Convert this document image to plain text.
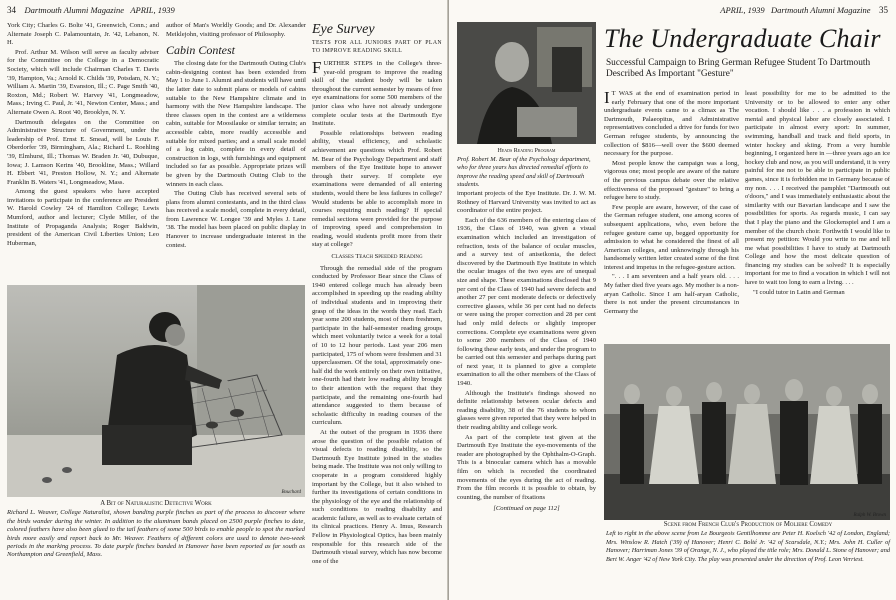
34 Dartmouth Alumni Magazine APRIL, 1939

York City; Charles G. Bolte '41, Greenwich, Conn.; and Alternate Joseph C. Palamountain, Jr. '42, Lebanon, N. H.

Prof. Arthur M. Wilson will serve as faculty adviser for the Committee on the College in a Democratic Society, which will include Chairman Charles T. Davis '39, Hampton, Va.; Arnold K. Childs '39, Potsdam, N. Y.; William A. Martin '39, Evanston, Ill.; C. Page Smith '40, Roxton, Md.; Robert W. Harvey '41, Longmeadow, Mass.; Irving C. Paul, Jr. '41, Newton Center, Mass.; and Alternate Owen A. Root '40, Brooklyn, N. Y.

Dartmouth delegates on the Committee on Administrative Structure of Government, under the leadership of Prof. Ernst E. Smead, will be Louis F. Oberdorfer '39, Birmingham, Ala.; Richard L. Roehling '39, Elmhurst, Ill.; Thomas W. Braden Jr. '40, Dubuque, Iowa; J. Lamson Kerins '40, Brookline, Mass.; Willard H. Ebbert '41, Preston Hollow, N. Y.; and Alternate Franklin B. Waters '41, Longmeadow, Mass.

Among the guest speakers who have accepted invitations to participate in the conference are President W. Harold Cowley '24 of Hamilton College; Lewis Mumford, author and lecturer; Clyde Miller, of the Institute of Propaganda Analysis; Roger Baldwin, president of the American Civil Liberties Union; Leo Huberman,

author of Man's Worldly Goods; and Dr. Alexander Meiklejohn, visiting professor of Philosophy.

Cabin Contest

The closing date for the Dartmouth Outing Club's cabin-designing contest has been extended from May 1 to June 1. Alumni and students will have until the latter date to submit plans or models of cabins suitable to the New Hampshire climate and in harmony with the New Hampshire landscape. The three classes open in the contest are a wilderness cabin, suitable for Moosilauke or similar terrain; an accessible cabin, more readily accessible and suitable for mixed parties; and a small scale model of a log cabin, complete in every detail of construction in logs, with furnishings and equipment included so far as possible. Appropriate prizes will be given by the Dartmouth Outing Club to the winners in each class.

The Outing Club has received several sets of plans from alumni contestants, and in the third class has received a scale model, complete in every detail, from Lawrence W. Longee '39 and Myles J. Lane '38. The model has been placed on public display in Hanover to increase undergraduate interest in the contest.

Eye Survey
TESTS FOR ALL JUNIORS PART OF PLAN TO IMPROVE READING SKILL

FURTHER STEPS in the College's three-year-old program to improve the reading skill of the student body will be taken throughout the current semester by means of free eye examinations for some 500 members of the junior class who have not already undergone complete ocular tests at the Dartmouth Eye Institute.

Possible relationships between reading ability, visual efficiency, and scholastic achievement are questions which Prof. Robert M. Bear of the Psychology Department and staff members of the Eye Institute hope to answer through their survey. If complete eye examinations were demanded of all entering students, would there be less failures in college? Would students be able to accomplish more in courses requiring much reading? If special remedial sections were provided for the purpose of improving speed and comprehension in reading, would students profit more from their stay at college?

Classes Teach Speeded Reading

Through the remedial side of the program conducted by Professor Bear since the Class of 1940 entered college much has already been accomplished in speeding up the reading ability of individual students and in improving their grasp of the ideas in the words they read. Each year some 200 students, most of them freshmen, participate in the half-semester reading groups which meet voluntarily twice a week for a total of 10 to 12 hour periods. Last year 206 men participated, 175 of whom were freshmen and 31 upperclassmen. Of the total, approximately one-half did the work entirely on their own initiative, one-fourth had their low reading ability brought to their attention with the request that they participate, and the remaining one-fourth had attendance suggested to them because of scholastic difficulty in reading courses of the curriculum.

At the outset of the program in 1936 there arose the question of the possible relation of visual defects to reading disability, so the Dartmouth Eye Institute joined in the studies being made. The Institute was not only willing to cooperate in a program considered highly important by the College, but it also wished to further its investigations of certain conditions in the physiology of the eye and the relationship of such conditions to reading disability and academic failure, as well as to evaluate certain of its clinical practices. Henry A. Imus, Research Fellow in Physiological Optics, has been mainly responsible for this research side of the Dartmouth visual survey, which has now become one of the

Bouchard
A Bit of Naturalistic Detective Work
Richard L. Weaver, College Naturalist, shown banding purple finches as part of the process to discover where the birds wander during the winter. In addition to the aluminum bands placed on 2500 purple finches to date, colored feathers have also been glued to the tail feathers of some 500 birds to enable people to spot the marked birds more easily and report back to Mr. Weaver. Feathers of different colors are used to denote two-week periods in the marking process. To date purple finches banded in Hanover have been reported as far south as Northampton and Greenfield, Mass.
APRIL, 1939 Dartmouth Alumni Magazine 35
Heads Reading Program
Prof. Robert M. Bear of the Psychology department, who for three years has directed remedial efforts to improve the reading speed and skill of Dartmouth students.
The Undergraduate Chair
Successful Campaign to Bring German Refugee Student To Dartmouth Described As Important "Gesture"

important projects of the Eye Institute. Dr. J. W. M. Rothney of Harvard University was invited to act as coordinator of the entire project.

Each of the 636 members of the entering class of 1936, the Class of 1940, was given a visual examination which included an investigation of refraction, tests of the balance of ocular muscles, and a survey test of aniseikonia, the defect discovered by the Dartmouth Eye Institute in which the ocular images of the two eyes are of unequal size and shape. These examinations disclosed that 9 per cent of the Class of 1940 had severe defects and another 27 per cent moderate defects or defectively corrective glasses, while 36 per cent had no defects or were using the proper correction and 28 per cent had only mild defects or slightly improper corrections. Complete eye examinations were given to some 200 members of the Class of 1940 following these early tests, and under the program to be carried out this semester and perhaps during part of next year, it is planned to give a complete examination to all the other members of the Class of 1940.

Although the Institute's findings showed no definite relationship between ocular defects and reading disability, 38 of the 76 students to whom glasses were given reported that they were helped in their reading ability and college work.

As part of the complete test given at the Dartmouth Eye Institute the eye-movements of the reader are photographed by the Ophthalm-O-Graph. This is a binocular camera which has a movable film on which is recorded the coordinated movements of the eyes during the act of reading. From the film records it is possible to obtain, by counting, the number of fixations

[Continued on page 112]

I T WAS at the end of examination period in early February that one of the more important undergraduate events came to a climax as The Dartmouth, Palaeopitus, and Administrative representatives concluded a drive for funds for two German refugee students, by announcing the collection of $816—well over the $600 deemed necessary for the purpose.

Most people know the campaign was a long, vigorous one; most people are aware of the nature of the previous campus debate over the relative effectiveness of the proposed "gesture" to bring a refugee here to study.

Few people are aware, however, of the case of the German refugee student, one among scores of subsequent applications, who, even before the refugee gesture came up, begged opportunity for admission to what he considered the finest of all American colleges, and unknowingly through his handsomely written letter created some of the first interest and impetus in the refugee-gesture action.

". . . I am seventeen and a half years old. . . . My father died five years ago. My mother is a non-aryan Catholic. Since I am half-aryan Catholic, there is not under the present circumstances in Germany the

least possibility for me to be admitted to the University or to be allowed to enter any other vocation. I should like . . . a profession in which mental and physical labor are closely associated. I participate in almost every sport: In summer, swimming, handball and track and field sports, in winter hockey and skiing. From a very humble beginning, I organized here in —three years ago an ice hockey club and now, as you will understand, it is very painful for me not to be able to participate in public games, since it is forbidden me in Germany because of my non. . . . I received the pamphlet "Dartmouth out o'doors," and I was immediately enthusiastic about the similarity with our Bavarian landscape and I saw the possibilities for sports. As regards music, I can say that I play the piano and the Glockenspiel and I am a member of the church choir. Forthwith I would like to present my petition: Would you write to me and tell me what possibilities I have to study at Dartmouth College and how the most delicate question of financing my studies can be solved? It is especially important for me to find a vocation in which I will not have to wait too long to earn a living. . . .

"I could tutor in Latin and German

Ralph W. Brown
Scene from French Club's Production of Moliere Comedy
Left to right in the above scene from Le Bourgeois Gentilhomme are Peter H. Koelsch '42 of London, England; Mrs. Winslow R. Hatch ('39) of Hanover; Henri C. Bolté Jr. '42 of Scarsdale, N.Y.; Mrs. John H. Culler of Hanover; Harriman Jones '39 of Orange, N. J., who played the title role; Mrs. Donald L. Stone of Hanover; and Bert W. Anger '42 of New York City. The play was presented under the direction of Prof. Leon Verriest.
